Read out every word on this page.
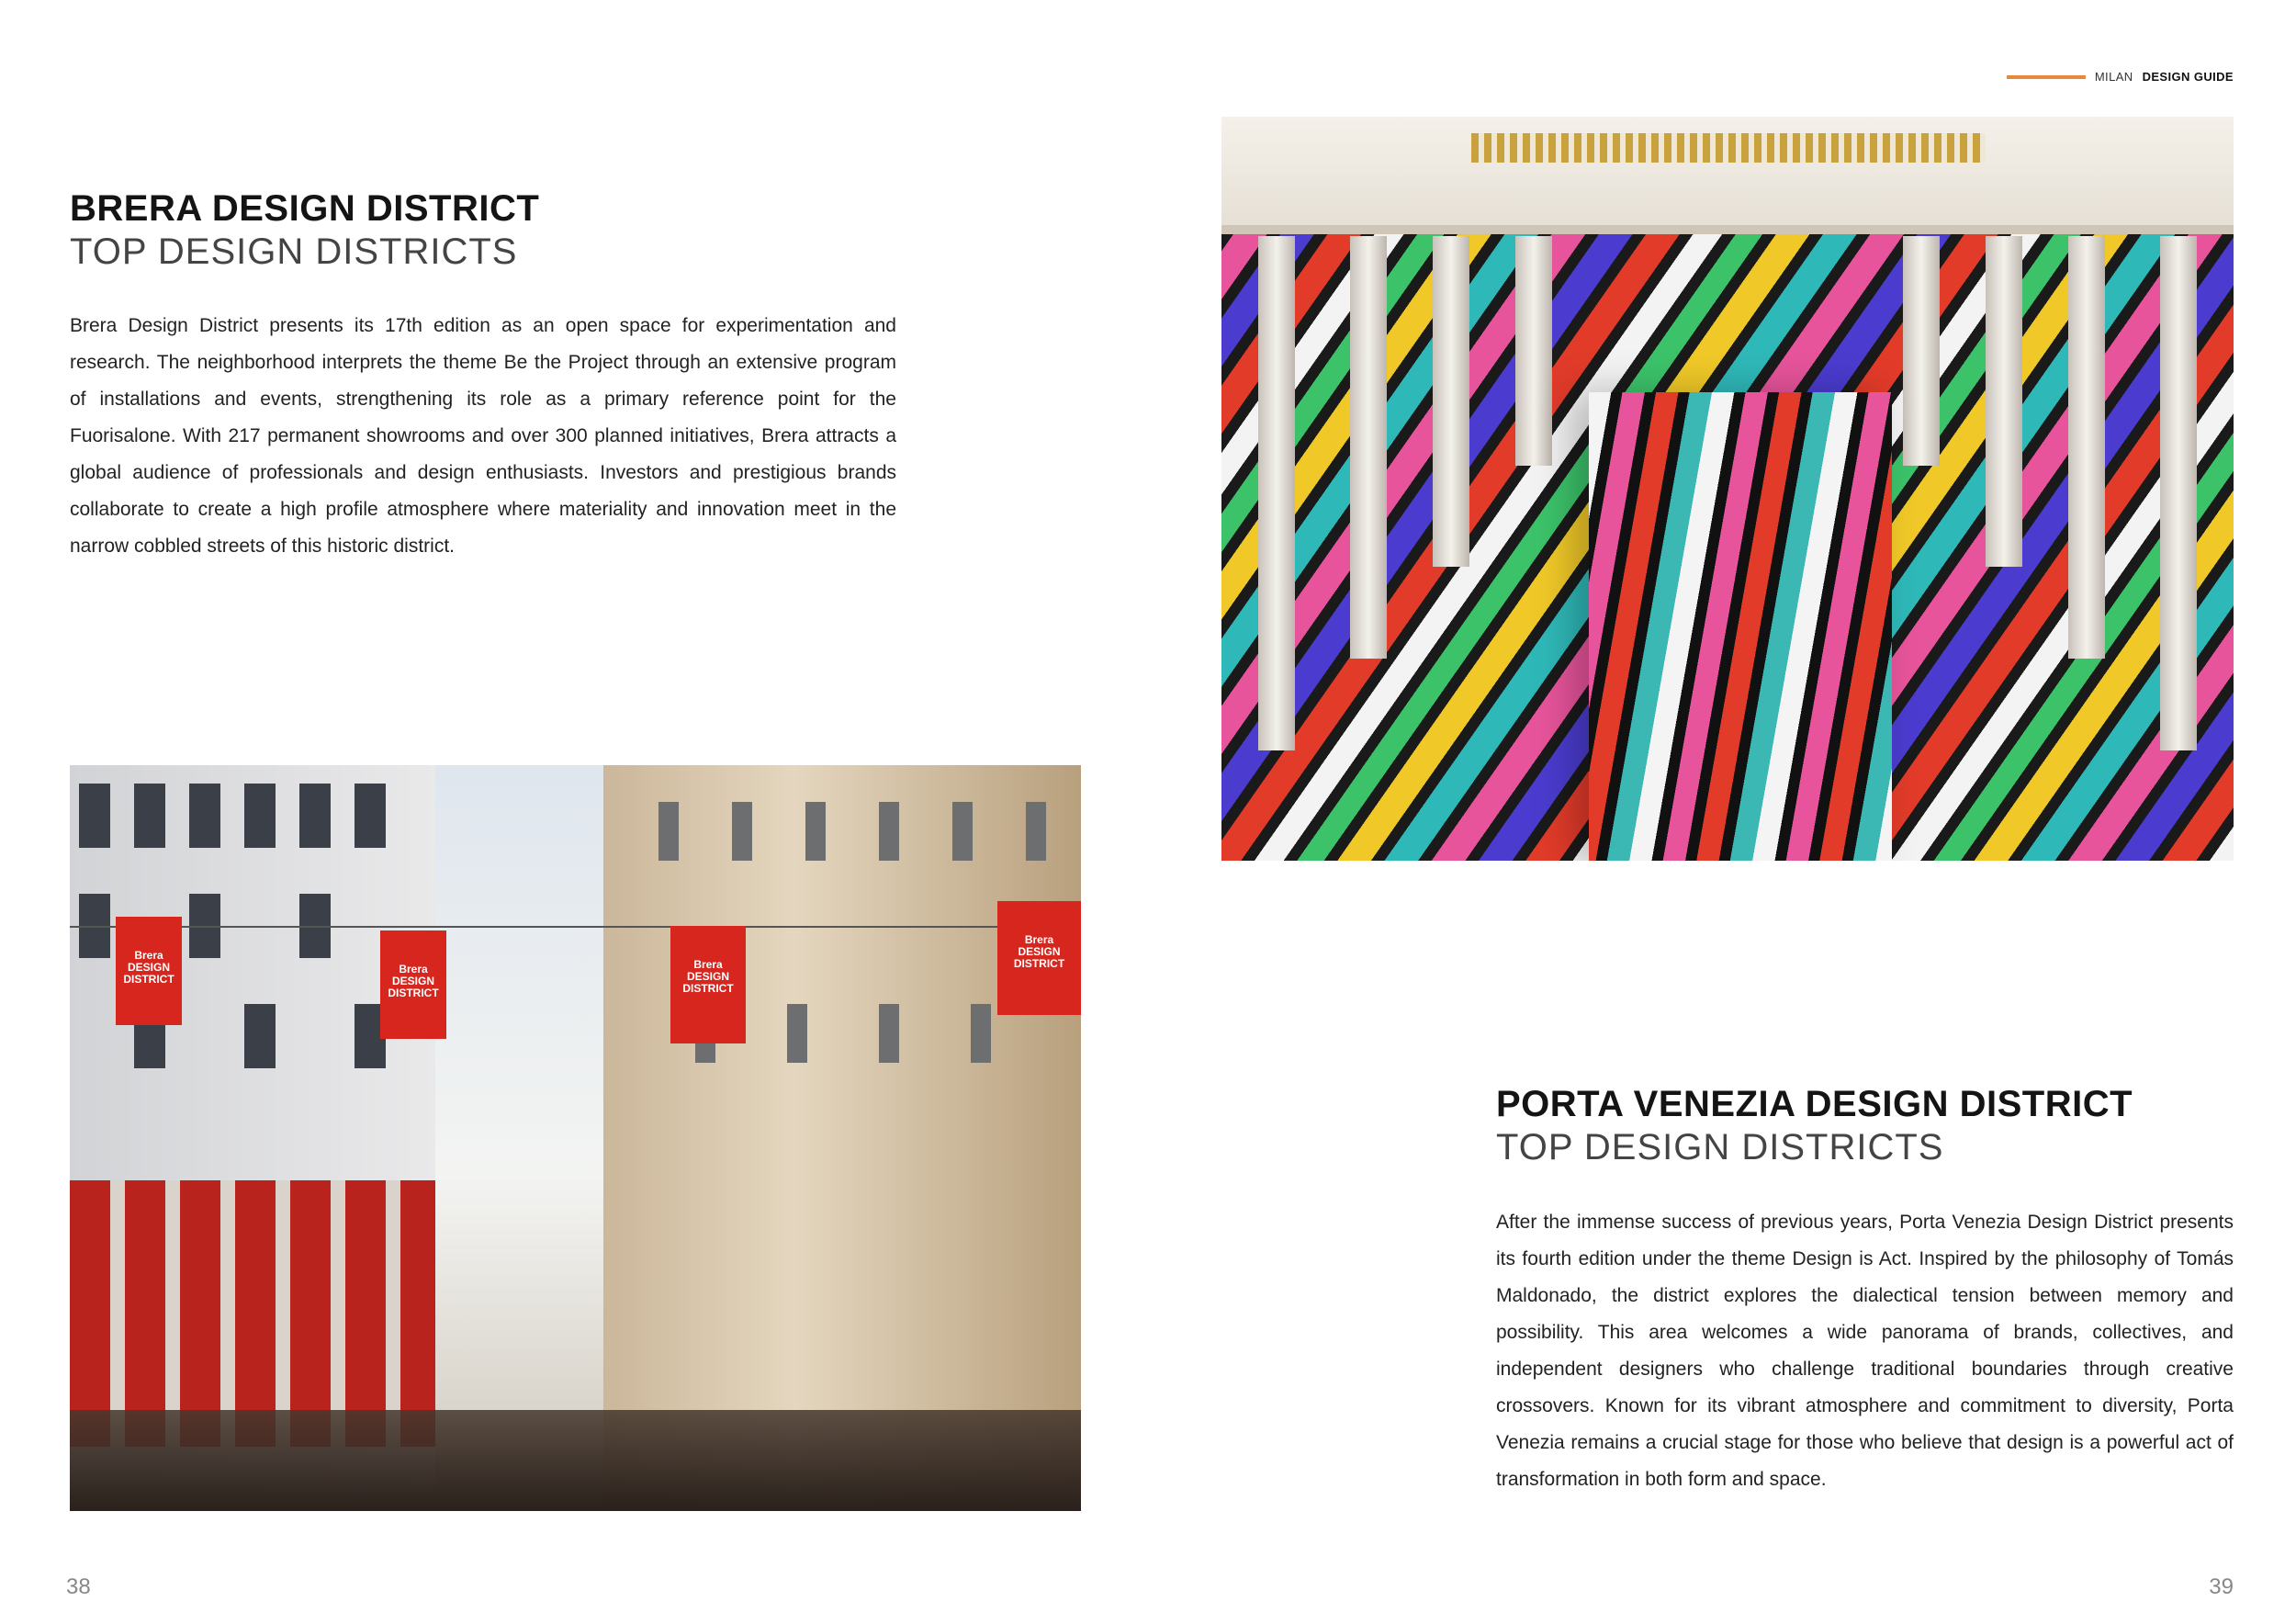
MILAN DESIGN GUIDE
BRERA DESIGN DISTRICT
TOP DESIGN DISTRICTS

Brera Design District presents its 17th edition as an open space for experimentation and research. The neighborhood interprets the theme Be the Project through an extensive program of installations and events, strengthening its role as a primary reference point for the Fuorisalone. With 217 permanent showrooms and over 300 planned initiatives, Brera attracts a global audience of professionals and design enthusiasts. Investors and prestigious brands collaborate to create a high profile atmosphere where materiality and innovation meet in the narrow cobbled streets of this historic district.

Brera
DESIGN
DISTRICT
Brera
DESIGN
DISTRICT
Brera
DESIGN
DISTRICT
Brera
DESIGN
DISTRICT
PORTA VENEZIA DESIGN DISTRICT
TOP DESIGN DISTRICTS

After the immense success of previous years, Porta Venezia Design District presents its fourth edition under the theme Design is Act. Inspired by the philosophy of Tomás Maldonado, the district explores the dialectical tension between memory and possibility. This area welcomes a wide panorama of brands, collectives, and independent designers who challenge traditional boundaries through creative crossovers. Known for its vibrant atmosphere and commitment to diversity, Porta Venezia remains a crucial stage for those who believe that design is a powerful act of transformation in both form and space.

38	39
